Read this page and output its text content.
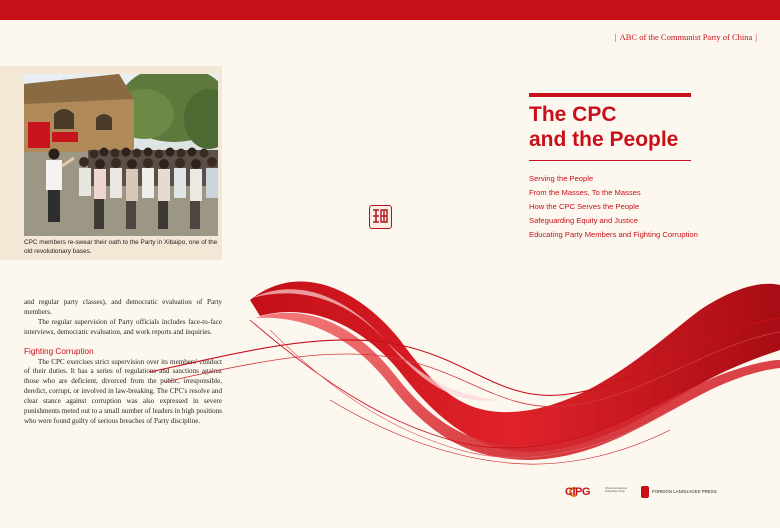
| ABC of the Communist Party of China |
CPC members re-swear their oath to the Party in Xibaipo, one of the old revolutionary bases.

and regular party classes), and democratic evaluation of Party members.

The regular supervision of Party officials includes face-to-face interviews, democratic evaluation, and work reports and inquiries.

Fighting Corruption

The CPC exercises strict supervision over its members' conduct of their duties. It has a series of regulations and sanctions against those who are deficient, divorced from the public, irresponsible, derelict, corrupt, or involved in law-breaking. The CPC's resolve and clear stance against corruption was also expressed in severe punishments meted out to a small number of leaders in high positions who were found guilty of serious breaches of Party discipline.

The CPC
and the People
Serving the People
From the Masses, To the Masses
How the CPC Serves the People
Safeguarding Equity and Justice
Educating Party Members and Fighting Corruption
CIPG	China International Publishing Group	FOREIGN LANGUAGES PRESS
